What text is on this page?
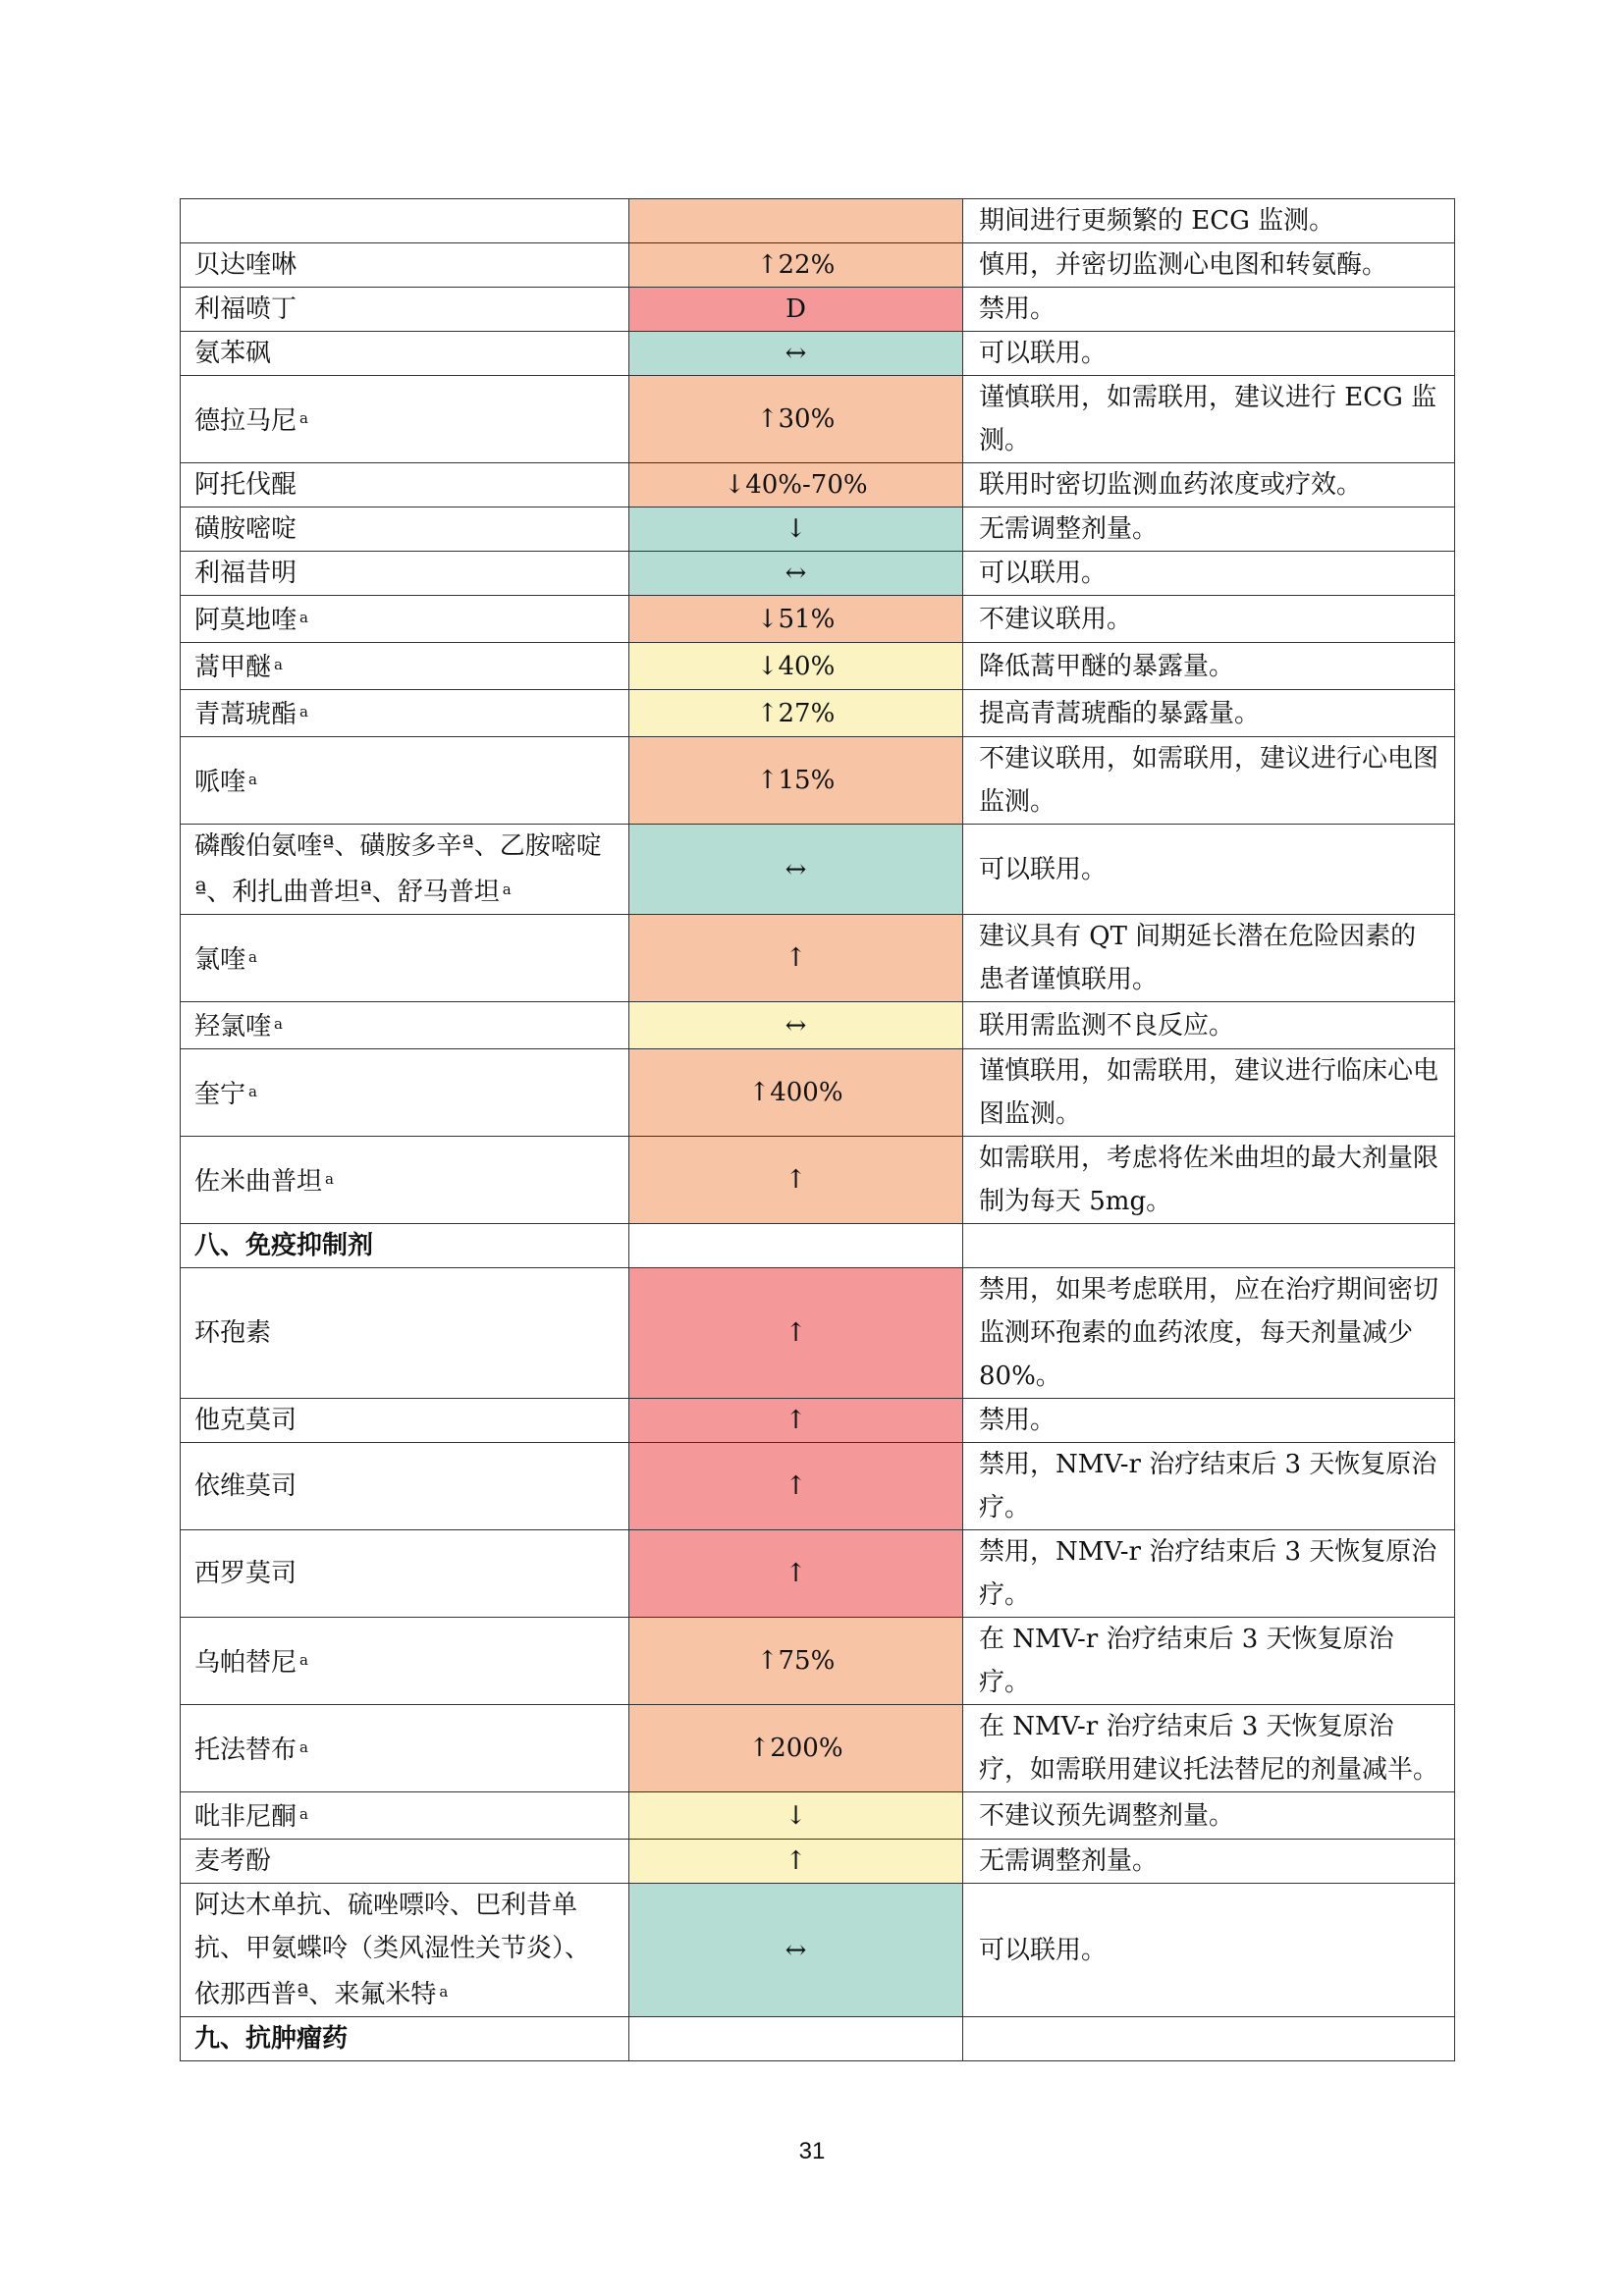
		期间进行更频繁的 ECG 监测。
贝达喹啉	↑22%	慎用，并密切监测心电图和转氨酶。
利福喷丁	D	禁用。
氨苯砜	↔	可以联用。
德拉马尼 $^a$	↑30%	谨慎联用，如需联用，建议进行 ECG 监测。
阿托伐醌	↓40%-70%	联用时密切监测血药浓度或疗效。
磺胺嘧啶	↓	无需调整剂量。
利福昔明	↔	可以联用。
阿莫地喹 $^a$	↓51%	不建议联用。
蒿甲醚 $^a$	↓40%	降低蒿甲醚的暴露量。
青蒿琥酯 $^a$	↑27%	提高青蒿琥酯的暴露量。
哌喹 $^a$	↑15%	不建议联用，如需联用，建议进行心电图监测。
磷酸伯氨喹ª、磺胺多辛ª、乙胺嘧啶ª、利扎曲普坦ª、舒马普坦 $^a$	↔	可以联用。
氯喹 $^a$	↑	建议具有 QT 间期延长潜在危险因素的患者谨慎联用。
羟氯喹 $^a$	↔	联用需监测不良反应。
奎宁 $^a$	↑400%	谨慎联用，如需联用，建议进行临床心电图监测。
佐米曲普坦 $^a$	↑	如需联用，考虑将佐米曲坦的最大剂量限制为每天 5mg。
八、免疫抑制剂		
环孢素	↑	禁用，如果考虑联用，应在治疗期间密切监测环孢素的血药浓度，每天剂量减少 80%。
他克莫司	↑	禁用。
依维莫司	↑	禁用，NMV-r 治疗结束后 3 天恢复原治疗。
西罗莫司	↑	禁用，NMV-r 治疗结束后 3 天恢复原治疗。
乌帕替尼 $^a$	↑75%	在 NMV-r 治疗结束后 3 天恢复原治疗。
托法替布 $^a$	↑200%	在 NMV-r 治疗结束后 3 天恢复原治疗，如需联用建议托法替尼的剂量减半。
吡非尼酮 $^a$	↓	不建议预先调整剂量。
麦考酚	↑	无需调整剂量。
阿达木单抗、硫唑嘌呤、巴利昔单抗、甲氨蝶呤（类风湿性关节炎）、依那西普ª、来氟米特 $^a$	↔	可以联用。
九、抗肿瘤药		
31
